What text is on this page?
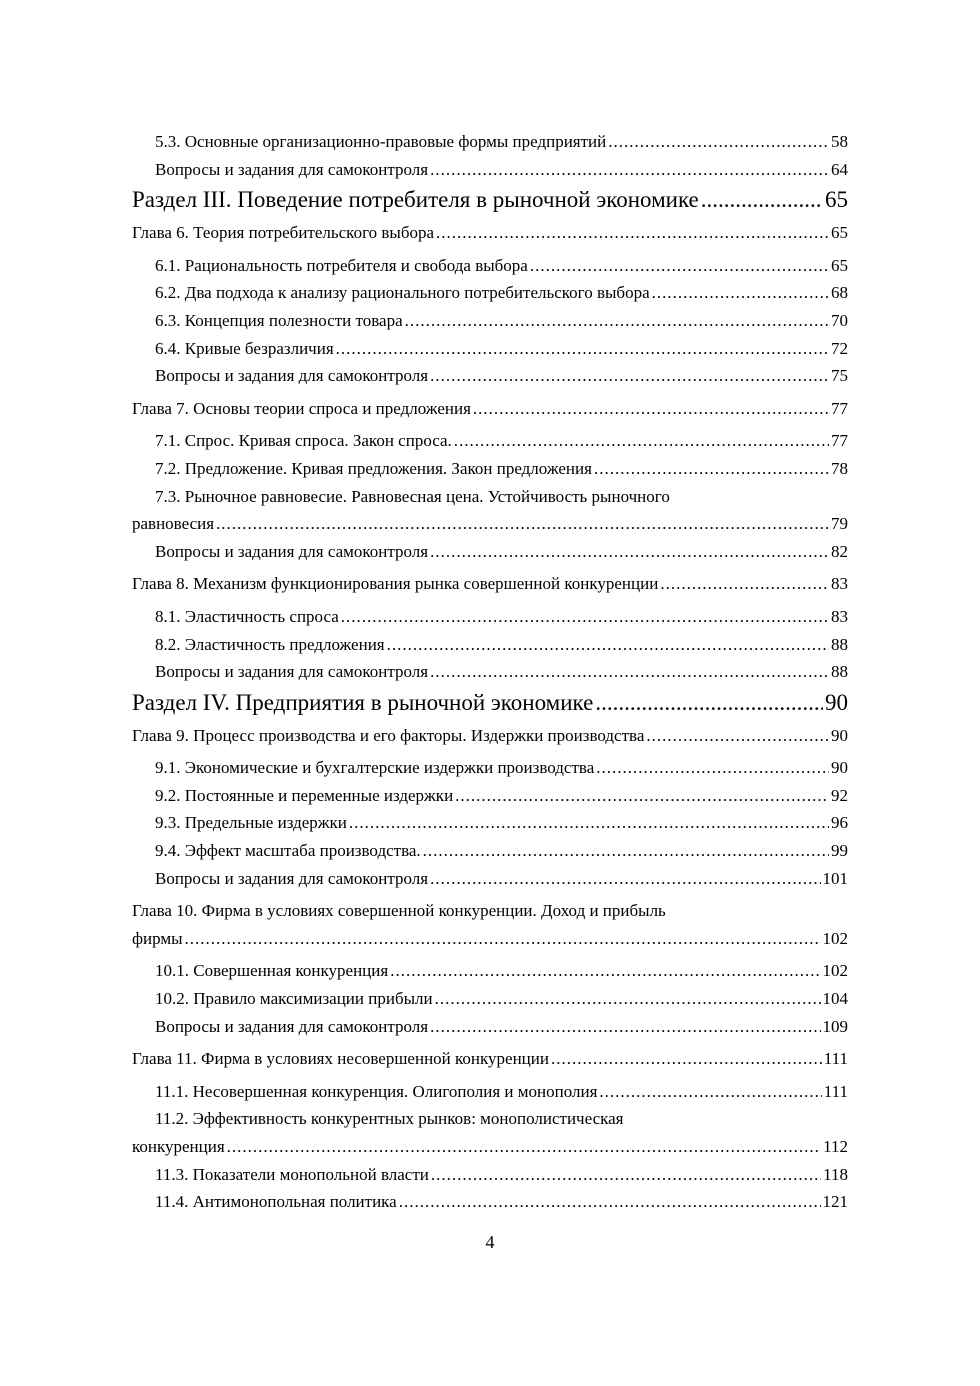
5.3. Основные организационно-правовые формы предприятий .....	58
Вопросы и задания для самоконтроля .....	64
Раздел III. Поведение потребителя в рыночной экономике .....	65
Глава 6. Теория потребительского выбора .....	65
6.1. Рациональность потребителя и свобода выбора .....	65
6.2. Два подхода к анализу рационального потребительского выбора .....	68
6.3. Концепция полезности товара .....	70
6.4. Кривые безразличия .....	72
Вопросы и задания для самоконтроля .....	75
Глава 7. Основы теории спроса и предложения .....	77
7.1. Спрос. Кривая спроса. Закон спроса. .....	77
7.2. Предложение. Кривая предложения. Закон предложения .....	78
7.3. Рыночное равновесие. Равновесная цена. Устойчивость рыночного
равновесия .....	79
Вопросы и задания для самоконтроля .....	82
Глава 8. Механизм функционирования рынка совершенной конкуренции .....	83
8.1. Эластичность спроса .....	83
8.2. Эластичность предложения .....	88
Вопросы и задания для самоконтроля .....	88
Раздел IV. Предприятия в рыночной экономике .....	90
Глава 9. Процесс производства и его факторы. Издержки производства .....	90
9.1. Экономические и бухгалтерские издержки производства .....	90
9.2. Постоянные и переменные издержки .....	92
9.3. Предельные издержки .....	96
9.4. Эффект масштаба производства. .....	99
Вопросы и задания для самоконтроля .....	101
Глава 10. Фирма в условиях совершенной конкуренции. Доход и прибыль
фирмы .....	102
10.1. Совершенная конкуренция .....	102
10.2. Правило максимизации прибыли .....	104
Вопросы и задания для самоконтроля .....	109
Глава 11. Фирма в условиях несовершенной конкуренции .....	111
11.1. Несовершенная конкуренция. Олигополия и монополия .....	111
11.2. Эффективность конкурентных рынков: монополистическая
конкуренция .....	112
11.3. Показатели монопольной власти .....	118
11.4. Антимонопольная политика .....	121
4
